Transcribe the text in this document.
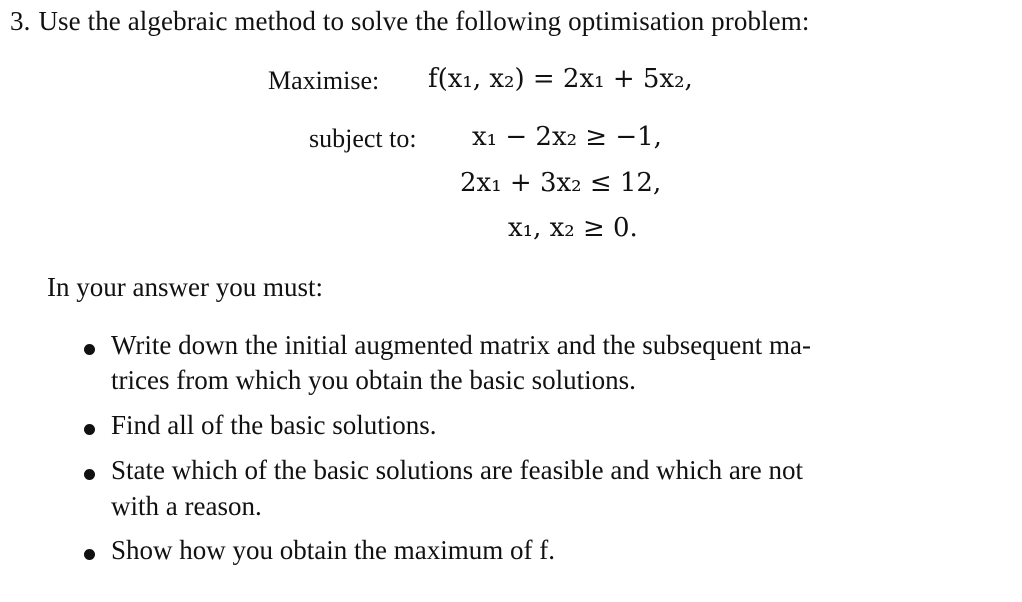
3. Use the algebraic method to solve the following optimisation problem:
Maximise: f(x₁, x₂) = 2x₁ + 5x₂,
subject to: x₁ − 2x₂ ≥ −1,
2x₁ + 3x₂ ≤ 12,
x₁, x₂ ≥ 0.
In your answer you must:
Write down the initial augmented matrix and the subsequent ma-
trices from which you obtain the basic solutions.
Find all of the basic solutions.
State which of the basic solutions are feasible and which are not
with a reason.
Show how you obtain the maximum of f.
